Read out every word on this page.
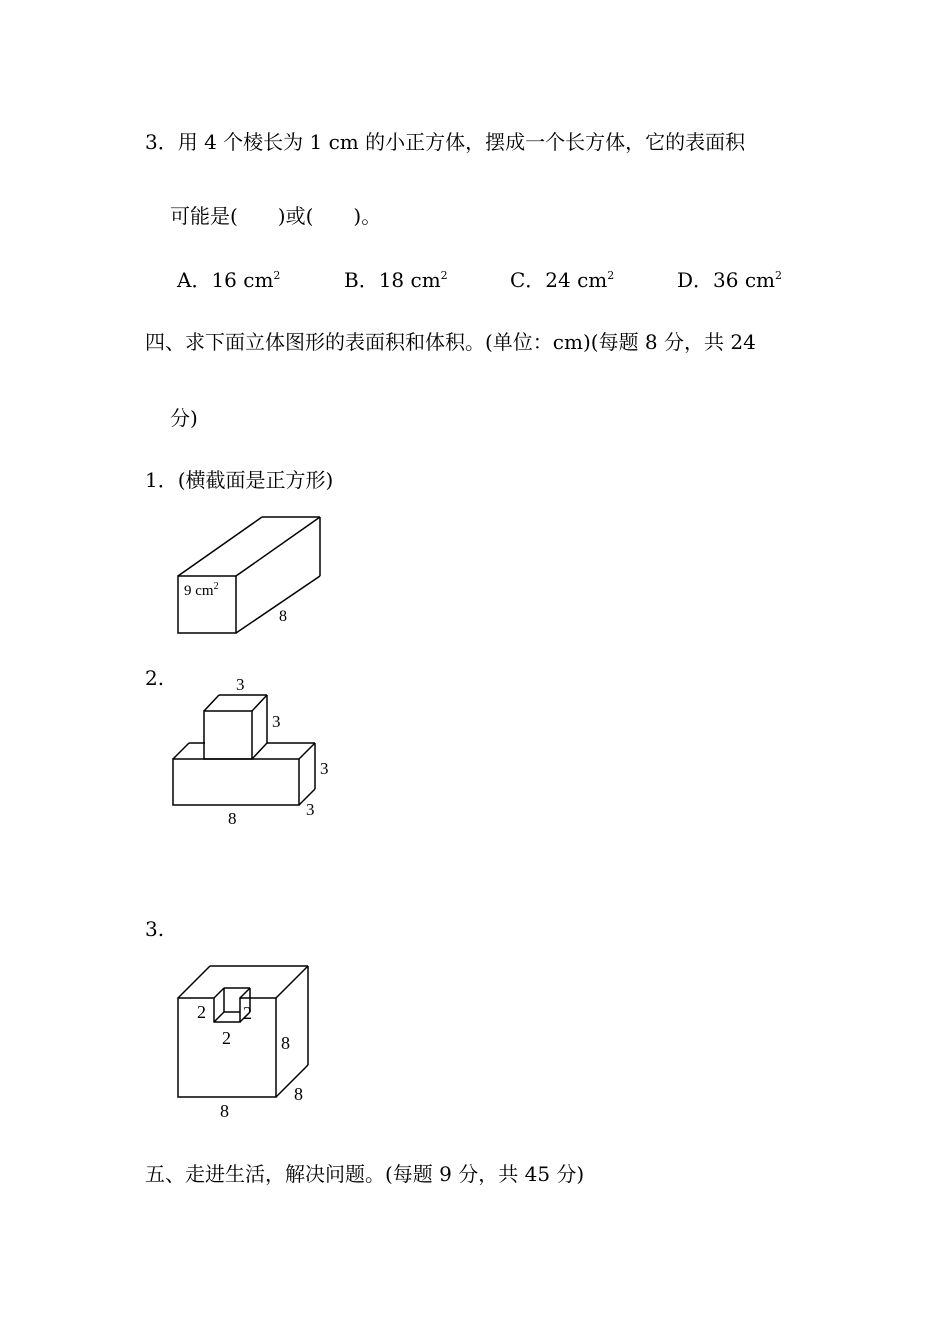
3．用 4 个棱长为 1 cm 的小正方体，摆成一个长方体，它的表面积
可能是(　　)或(　　)。
A．16 $cm^2$	B．18 $cm^2$	C．24 $cm^2$	D．36 $cm^2$
四、求下面立体图形的表面积和体积。(单位：cm)(每题 8 分，共 24
分)
1．(横截面是正方形)
9 $cm^2$
8
2.	3
3
3
3
8
3.
2 2
2	8
8
8
五、走进生活，解决问题。(每题 9 分，共 45 分)
